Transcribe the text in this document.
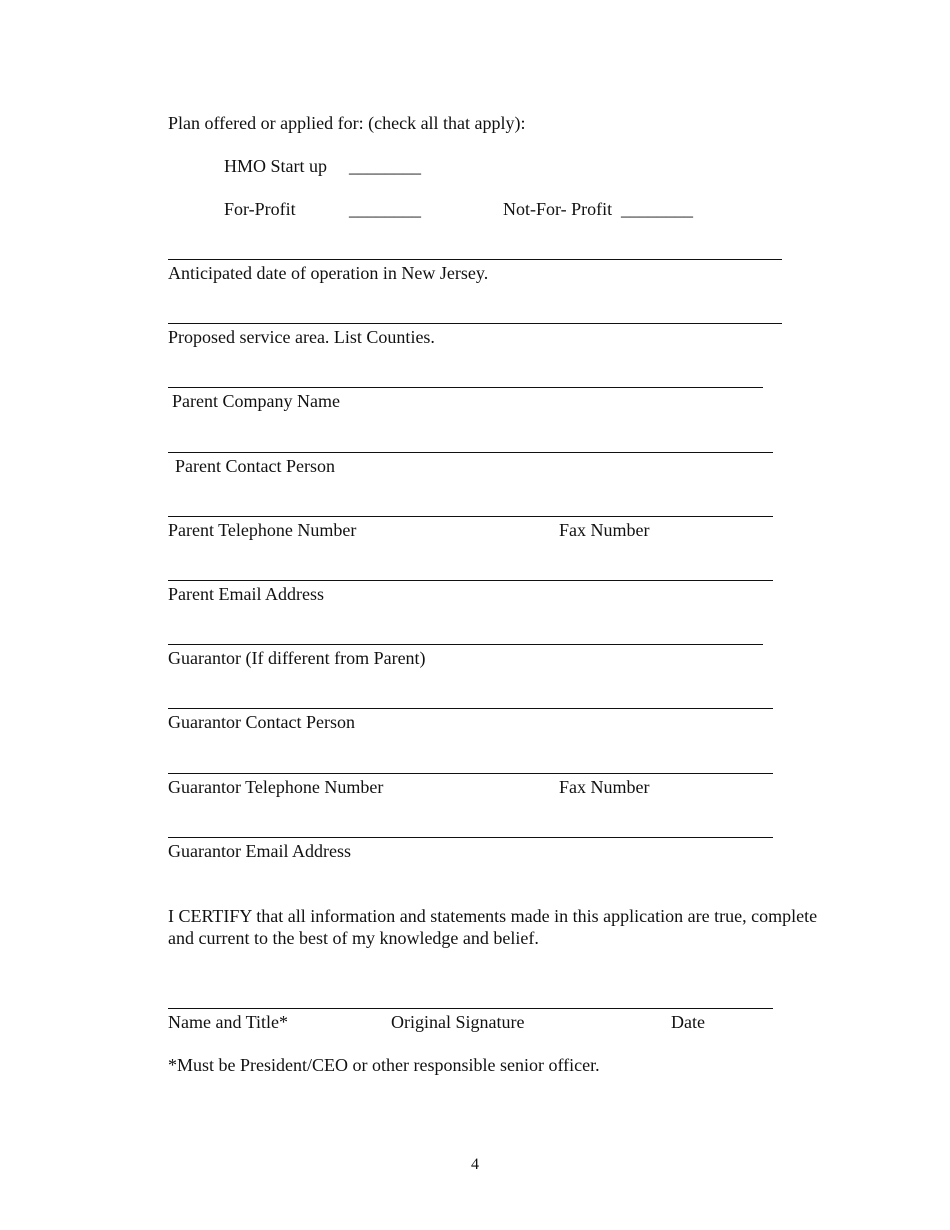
Plan offered or applied for: (check all that apply):
HMO Start up ________
For-Profit	________	Not-For- Profit ________
Anticipated date of operation in New Jersey.
Proposed service area. List Counties.
Parent Company Name
Parent Contact Person
Parent Telephone Number	Fax Number
Parent Email Address
Guarantor (If different from Parent)
Guarantor Contact Person
Guarantor Telephone Number	Fax Number
Guarantor Email Address
I CERTIFY that all information and statements made in this application are true, complete and current to the best of my knowledge and belief.
Name and Title*	Original Signature	Date
*Must be President/CEO or other responsible senior officer.
4
